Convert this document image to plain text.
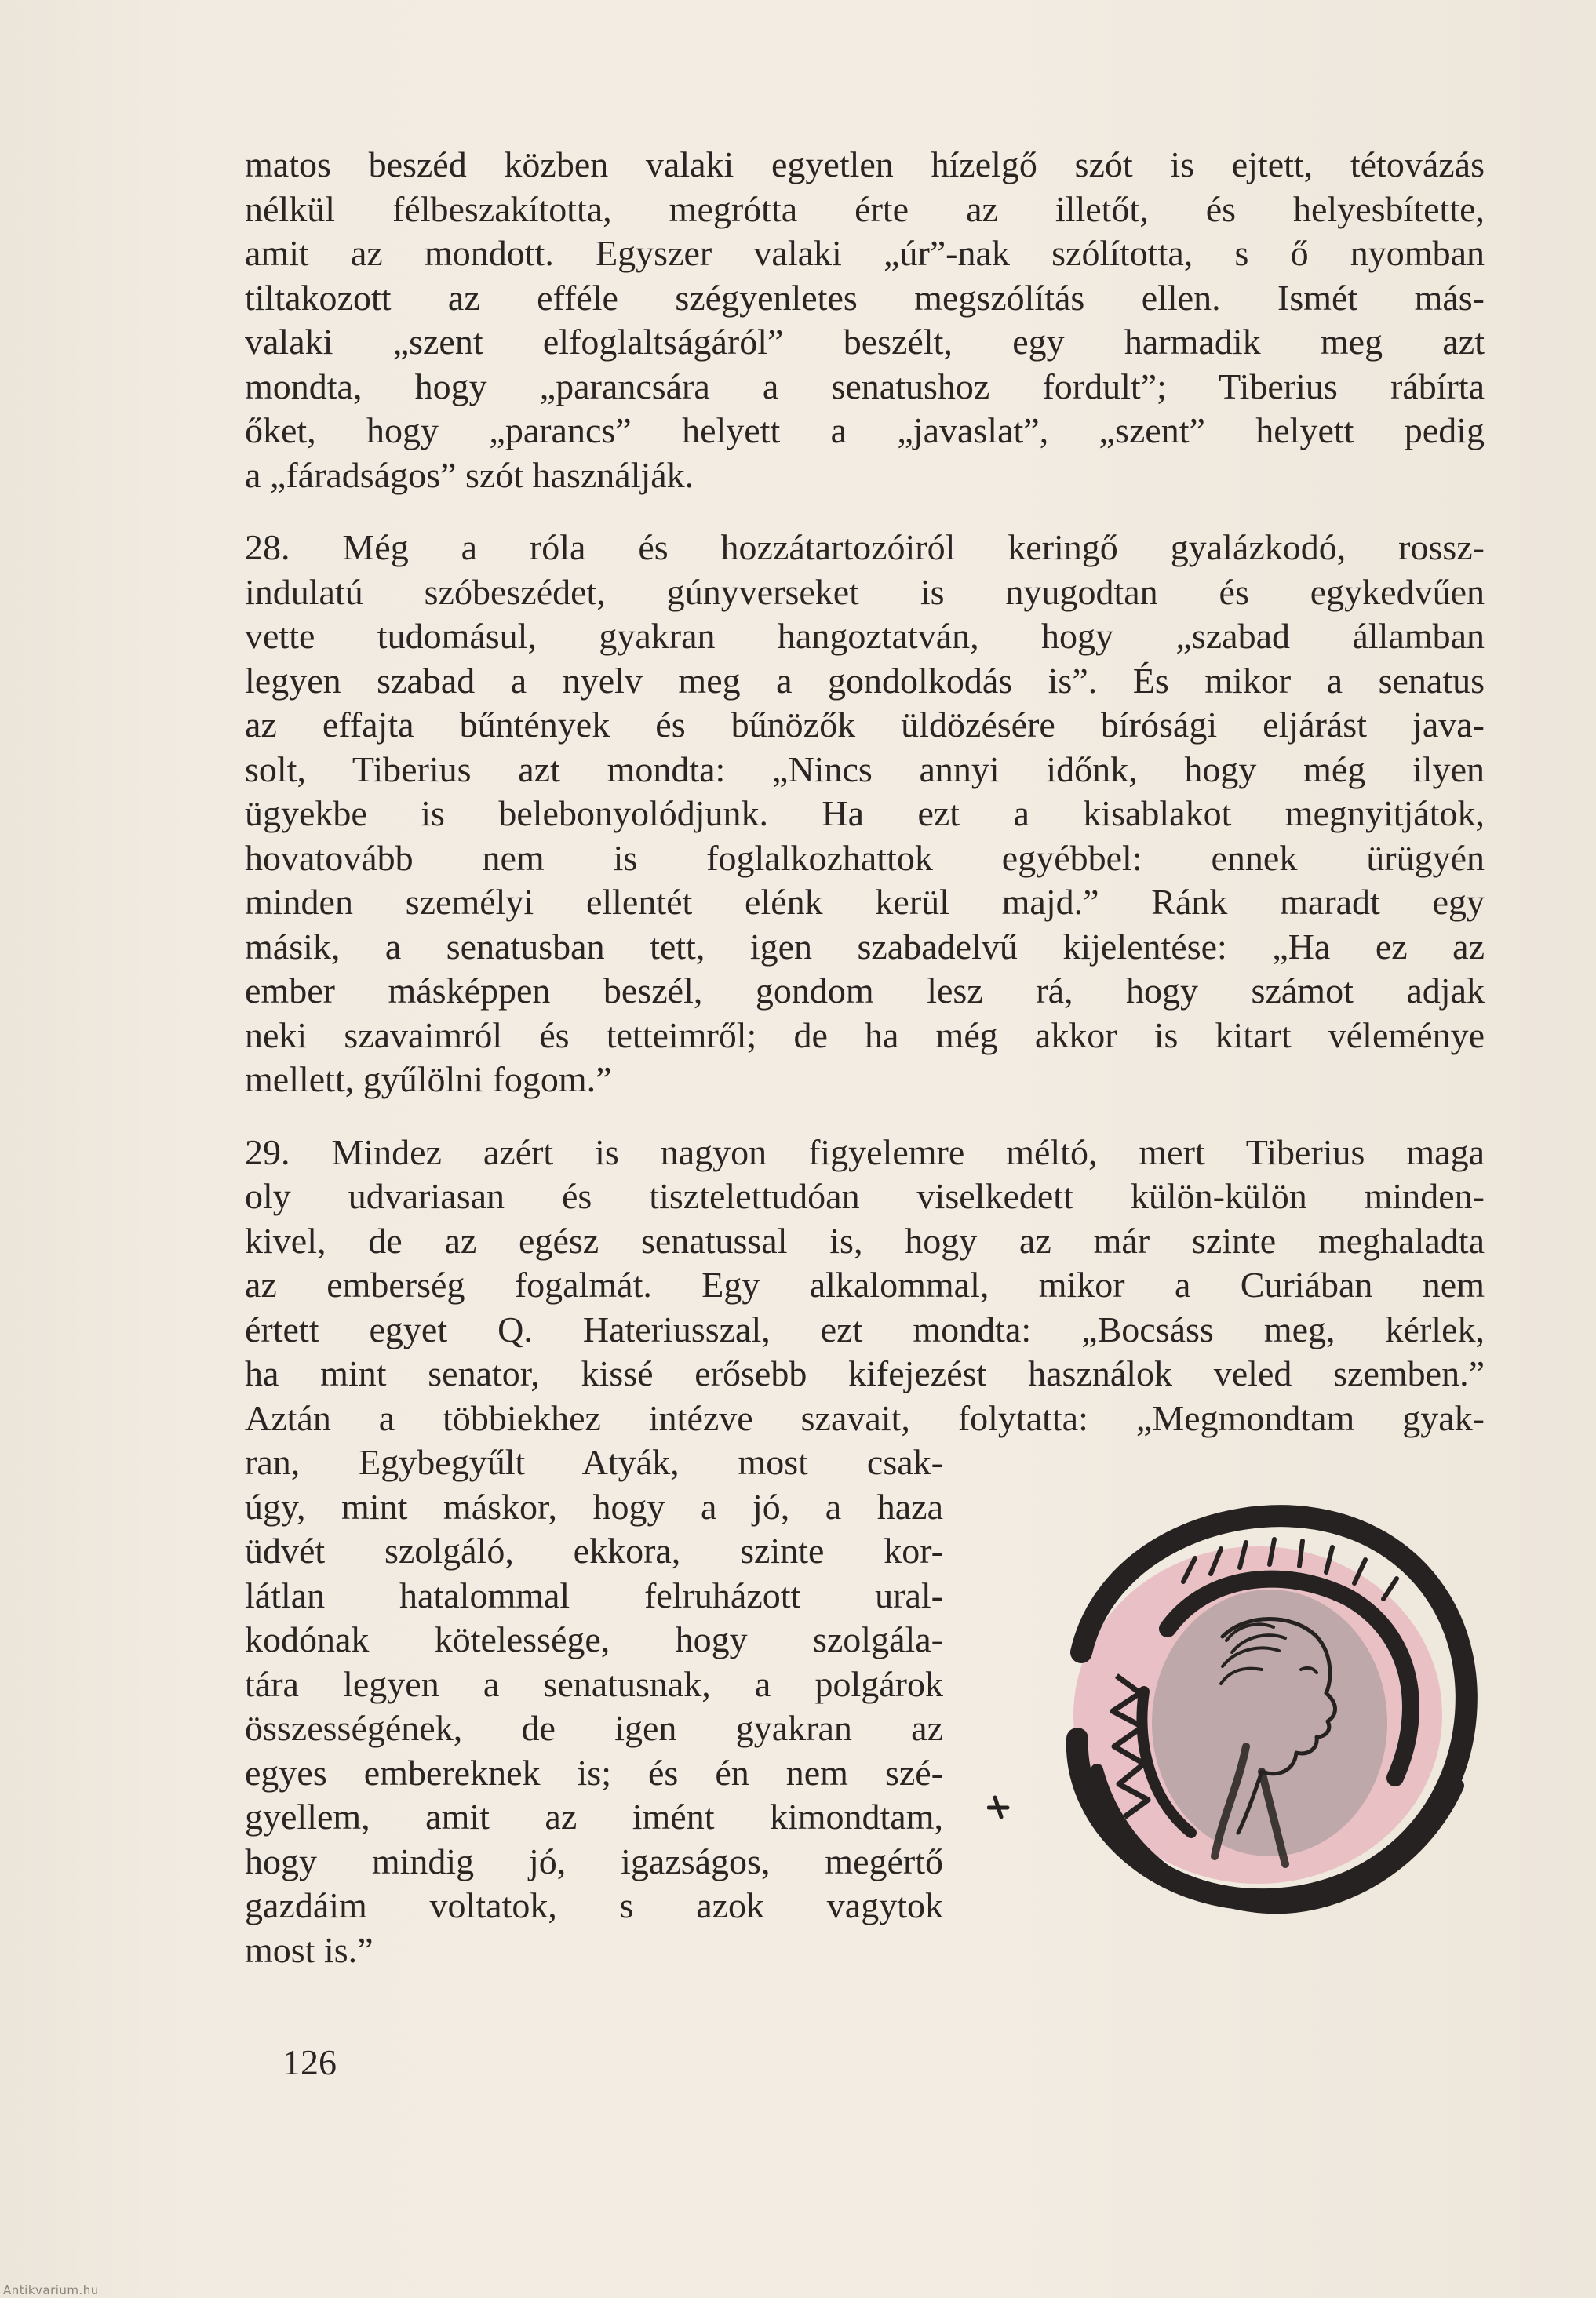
matos beszéd közben valaki egyetlen hízelgő szót is ejtett, tétovázás
nélkül félbeszakította, megrótta érte az illetőt, és helyesbítette,
amit az mondott. Egyszer valaki „úr”-nak szólította, s ő nyomban
tiltakozott az efféle szégyenletes megszólítás ellen. Ismét más-
valaki „szent elfoglaltságáról” beszélt, egy harmadik meg azt
mondta, hogy „parancsára a senatushoz fordult”; Tiberius rábírta
őket, hogy „parancs” helyett a „javaslat”, „szent” helyett pedig
a „fáradságos” szót használják.
28. Még a róla és hozzátartozóiról keringő gyalázkodó, rossz-
indulatú szóbeszédet, gúnyverseket is nyugodtan és egykedvűen
vette tudomásul, gyakran hangoztatván, hogy „szabad államban
legyen szabad a nyelv meg a gondolkodás is”. És mikor a senatus
az effajta bűntények és bűnözők üldözésére bírósági eljárást java-
solt, Tiberius azt mondta: „Nincs annyi időnk, hogy még ilyen
ügyekbe is belebonyolódjunk. Ha ezt a kisablakot megnyitjátok,
hovatovább nem is foglalkozhattok egyébbel: ennek ürügyén
minden személyi ellentét elénk kerül majd.” Ránk maradt egy
másik, a senatusban tett, igen szabadelvű kijelentése: „Ha ez az
ember másképpen beszél, gondom lesz rá, hogy számot adjak
neki szavaimról és tetteimről; de ha még akkor is kitart véleménye
mellett, gyűlölni fogom.”
29. Mindez azért is nagyon figyelemre méltó, mert Tiberius maga
oly udvariasan és tisztelettudóan viselkedett külön-külön minden-
kivel, de az egész senatussal is, hogy az már szinte meghaladta
az emberség fogalmát. Egy alkalommal, mikor a Curiában nem
értett egyet Q. Hateriusszal, ezt mondta: „Bocsáss meg, kérlek,
ha mint senator, kissé erősebb kifejezést használok veled szemben.”
Aztán a többiekhez intézve szavait, folytatta: „Megmondtam gyak-
ran, Egybegyűlt Atyák, most csak-
úgy, mint máskor, hogy a jó, a haza
üdvét szolgáló, ekkora, szinte kor-
látlan hatalommal felruházott ural-
kodónak kötelessége, hogy szolgála-
tára legyen a senatusnak, a polgárok
összességének, de igen gyakran az
egyes embereknek is; és én nem szé-
gyellem, amit az imént kimondtam,
hogy mindig jó, igazságos, megértő
gazdáim voltatok, s azok vagytok
most is.”
126
Antikvarium.hu
